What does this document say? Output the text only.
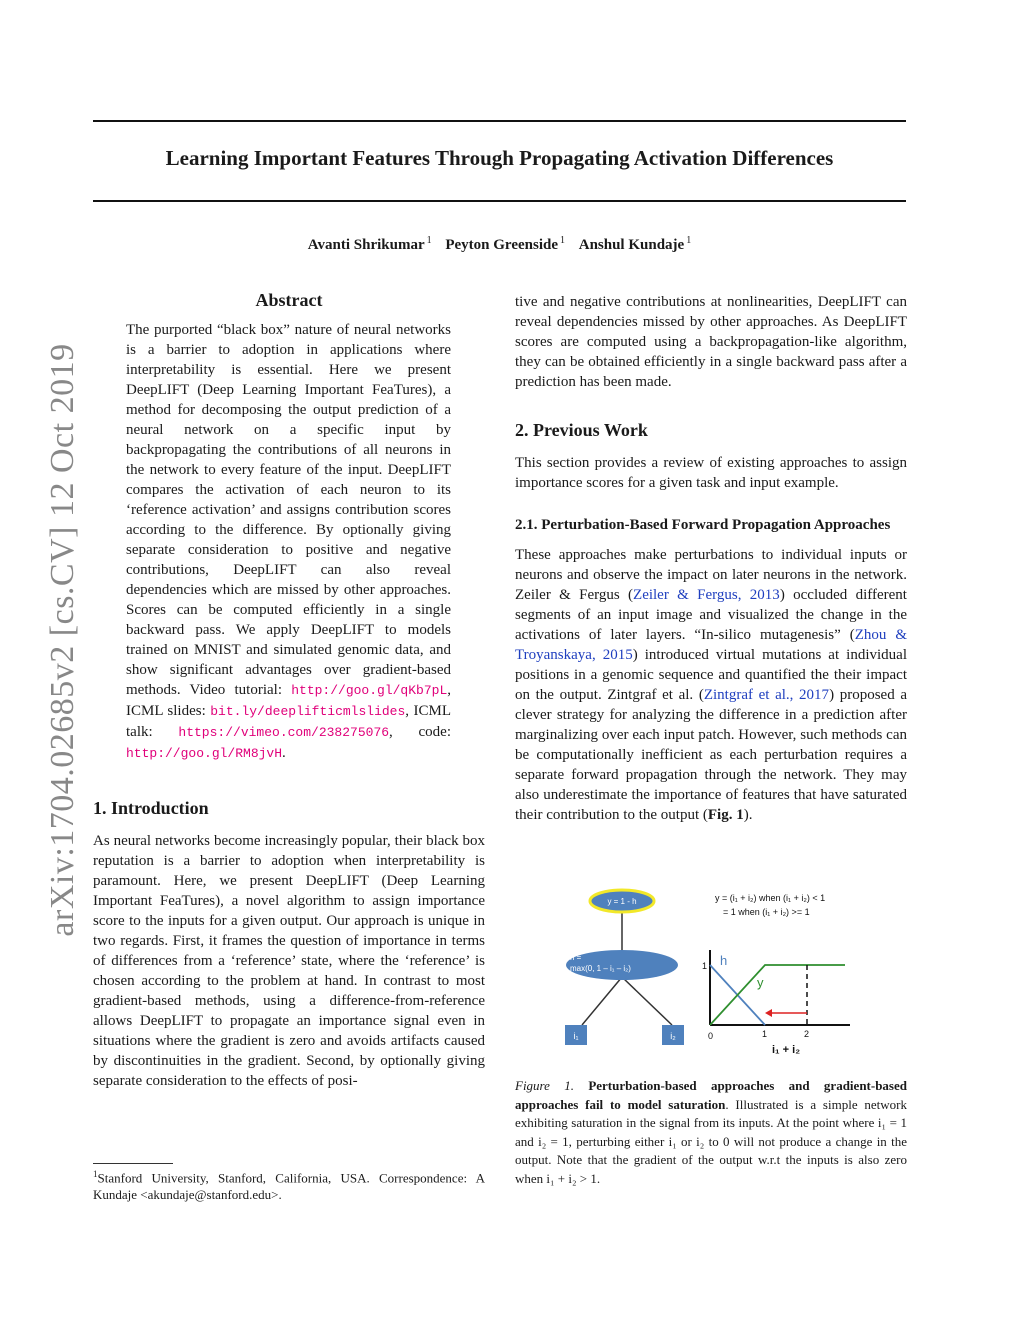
Learning Important Features Through Propagating Activation Differences
Avanti Shrikumar $^1$ Peyton Greenside $^1$ Anshul Kundaje $^1$
arXiv:1704.02685v2 [cs.CV] 12 Oct 2019
Abstract
The purported “black box” nature of neural networks is a barrier to adoption in applications where interpretability is essential. Here we present DeepLIFT (Deep Learning Important FeaTures), a method for decomposing the output prediction of a neural network on a specific input by backpropagating the contributions of all neurons in the network to every feature of the input. DeepLIFT compares the activation of each neuron to its ‘reference activation’ and assigns contribution scores according to the difference. By optionally giving separate consideration to positive and negative contributions, DeepLIFT can also reveal dependencies which are missed by other approaches. Scores can be computed efficiently in a single backward pass. We apply DeepLIFT to models trained on MNIST and simulated genomic data, and show significant advantages over gradient-based methods. Video tutorial: http://goo.gl/qKb7pL, ICML slides: bit.ly/deeplifticmlslides, ICML talk: https://vimeo.com/238275076, code: http://goo.gl/RM8jvH.
1. Introduction

As neural networks become increasingly popular, their black box reputation is a barrier to adoption when interpretability is paramount. Here, we present DeepLIFT (Deep Learning Important FeaTures), a novel algorithm to assign importance score to the inputs for a given output. Our approach is unique in two regards. First, it frames the question of importance in terms of differences from a ‘reference’ state, where the ‘reference’ is chosen according to the problem at hand. In contrast to most gradient-based methods, using a difference-from-reference allows DeepLIFT to propagate an importance signal even in situations where the gradient is zero and avoids artifacts caused by discontinuities in the gradient. Second, by optionally giving separate consideration to the effects of posi-

$^1$Stanford University, Stanford, California, USA. Correspondence: A Kundaje <akundaje@stanford.edu>.

tive and negative contributions at nonlinearities, DeepLIFT can reveal dependencies missed by other approaches. As DeepLIFT scores are computed using a backpropagation-like algorithm, they can be obtained efficiently in a single backward pass after a prediction has been made.

2. Previous Work

This section provides a review of existing approaches to assign importance scores for a given task and input example.

2.1. Perturbation-Based Forward Propagation Approaches

These approaches make perturbations to individual inputs or neurons and observe the impact on later neurons in the network. Zeiler & Fergus (Zeiler & Fergus, 2013) occluded different segments of an input image and visualized the change in the activations of later layers. “In-silico mutagenesis” (Zhou & Troyanskaya, 2015) introduced virtual mutations at individual positions in a genomic sequence and quantified the their impact on the output. Zintgraf et al. (Zintgraf et al., 2017) proposed a clever strategy for analyzing the difference in a prediction after marginalizing over each input patch. However, such methods can be computationally inefficient as each perturbation requires a separate forward propagation through the network. They may also underestimate the importance of features that have saturated their contribution to the output (Fig. 1).

y = 1 - h
h =
max(0, 1 – i₁ – i₂)
i₁	i₂
y = (i₁ + i₂) when (i₁ + i₂) < 1
= 1 when (i₁ + i₂) >= 1
h
y
1
0	1	2
i₁ + i₂
Figure 1. Perturbation-based approaches and gradient-based approaches fail to model saturation. Illustrated is a simple network exhibiting saturation in the signal from its inputs. At the point where i₁ = 1 and i₂ = 1, perturbing either i₁ or i₂ to 0 will not produce a change in the output. Note that the gradient of the output w.r.t the inputs is also zero when i₁ + i₂ > 1.
